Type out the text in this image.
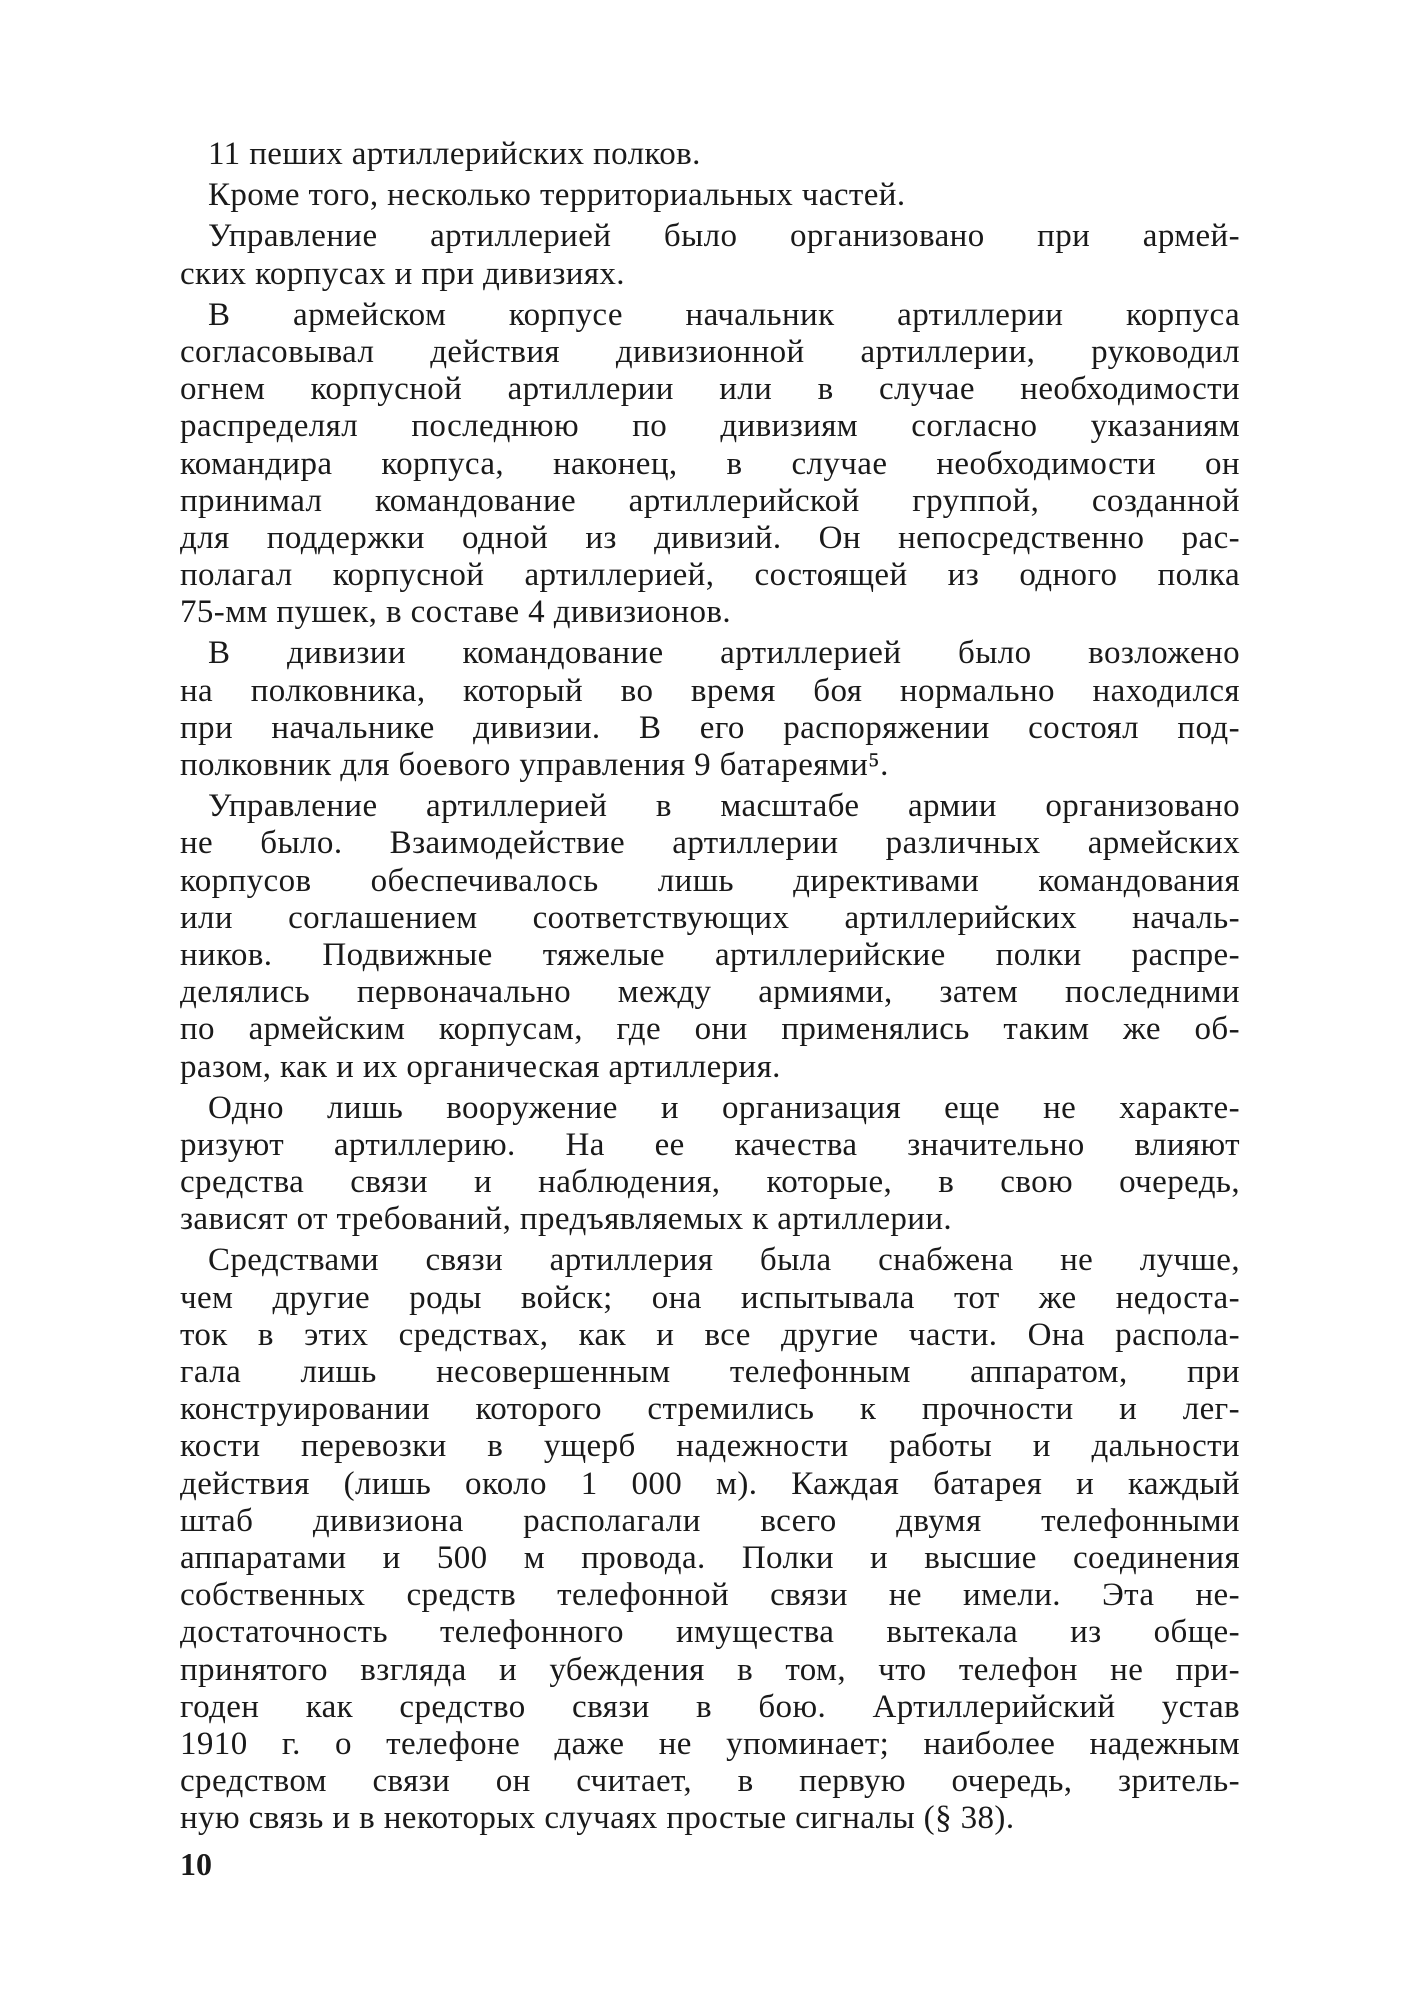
11 пеших артиллерийских полков.
Кроме того, несколько территориальных частей.
Управление артиллерией было организовано при армей-
ских корпусах и при дивизиях.
В армейском корпусе начальник артиллерии корпуса
согласовывал действия дивизионной артиллерии, руководил
огнем корпусной артиллерии или в случае необходимости
распределял последнюю по дивизиям согласно указаниям
командира корпуса, наконец, в случае необходимости он
принимал командование артиллерийской группой, созданной
для поддержки одной из дивизий. Он непосредственно рас-
полагал корпусной артиллерией, состоящей из одного полка
75-мм пушек, в составе 4 дивизионов.
В дивизии командование артиллерией было возложено
на полковника, который во время боя нормально находился
при начальнике дивизии. В его распоряжении состоял под-
полковник для боевого управления 9 батареями⁵.
Управление артиллерией в масштабе армии организовано
не было. Взаимодействие артиллерии различных армейских
корпусов обеспечивалось лишь директивами командования
или соглашением соответствующих артиллерийских началь-
ников. Подвижные тяжелые артиллерийские полки распре-
делялись первоначально между армиями, затем последними
по армейским корпусам, где они применялись таким же об-
разом, как и их органическая артиллерия.
Одно лишь вооружение и организация еще не характе-
ризуют артиллерию. На ее качества значительно влияют
средства связи и наблюдения, которые, в свою очередь,
зависят от требований, предъявляемых к артиллерии.
Средствами связи артиллерия была снабжена не лучше,
чем другие роды войск; она испытывала тот же недоста-
ток в этих средствах, как и все другие части. Она распола-
гала лишь несовершенным телефонным аппаратом, при
конструировании которого стремились к прочности и лег-
кости перевозки в ущерб надежности работы и дальности
действия (лишь около 1 000 м). Каждая батарея и каждый
штаб дивизиона располагали всего двумя телефонными
аппаратами и 500 м провода. Полки и высшие соединения
собственных средств телефонной связи не имели. Эта не-
достаточность телефонного имущества вытекала из обще-
принятого взгляда и убеждения в том, что телефон не при-
годен как средство связи в бою. Артиллерийский устав
1910 г. о телефоне даже не упоминает; наиболее надежным
средством связи он считает, в первую очередь, зритель-
ную связь и в некоторых случаях простые сигналы (§ 38).
10
